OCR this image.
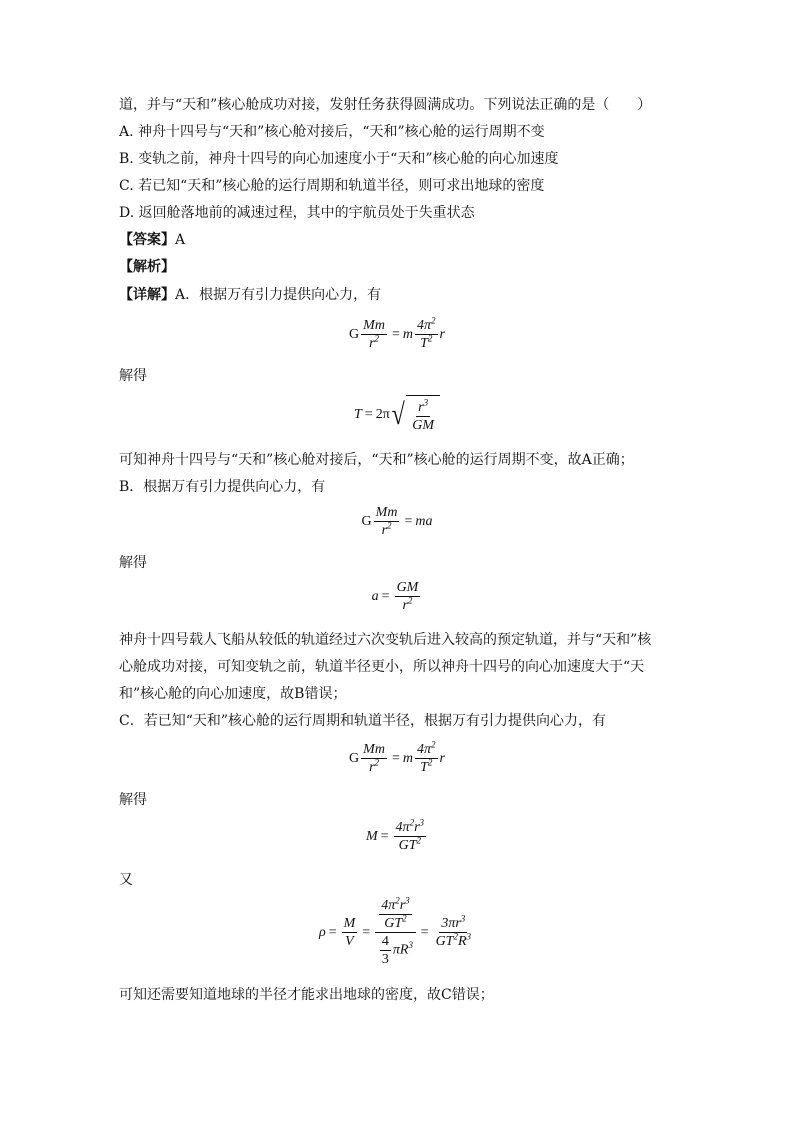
道，并与“天和”核心舱成功对接，发射任务获得圆满成功。下列说法正确的是（　　）
A. 神舟十四号与“天和”核心舱对接后，“天和”核心舱的运行周期不变
B. 变轨之前，神舟十四号的向心加速度小于“天和”核心舱的向心加速度
C. 若已知“天和”核心舱的运行周期和轨道半径，则可求出地球的密度
D. 返回舱落地前的减速过程，其中的宇航员处于失重状态
【答案】A
【解析】
【详解】A．根据万有引力提供向心力，有
G $\frac{Mm}{r^2} = m \frac{4\pi^2}{T^2}$ r
解得
T = 2π √ $\frac{r^3}{GM}$
可知神舟十四号与“天和”核心舱对接后，“天和”核心舱的运行周期不变，故A正确；
B．根据万有引力提供向心力，有
G $\frac{Mm}{r^2}$ = ma
解得
$a = \frac{GM}{r^2}$
神舟十四号载人飞船从较低的轨道经过六次变轨后进入较高的预定轨道，并与“天和”核
心舱成功对接，可知变轨之前，轨道半径更小，所以神舟十四号的向心加速度大于“天
和”核心舱的向心加速度，故B错误；
C．若已知“天和”核心舱的运行周期和轨道半径，根据万有引力提供向心力，有
G $\frac{Mm}{r^2} = m \frac{4\pi^2}{T^2}$ r
解得
$M = \frac{4\pi^2r^3}{GT^2}$
又
$\rho = \frac{M}{V} = \frac{\frac{4\pi^2r^3}{GT^2}}{\frac{4}{3} \pi R^3} = \frac{3\pi r^3}{GT^2R^3}$
可知还需要知道地球的半径才能求出地球的密度，故C错误；
